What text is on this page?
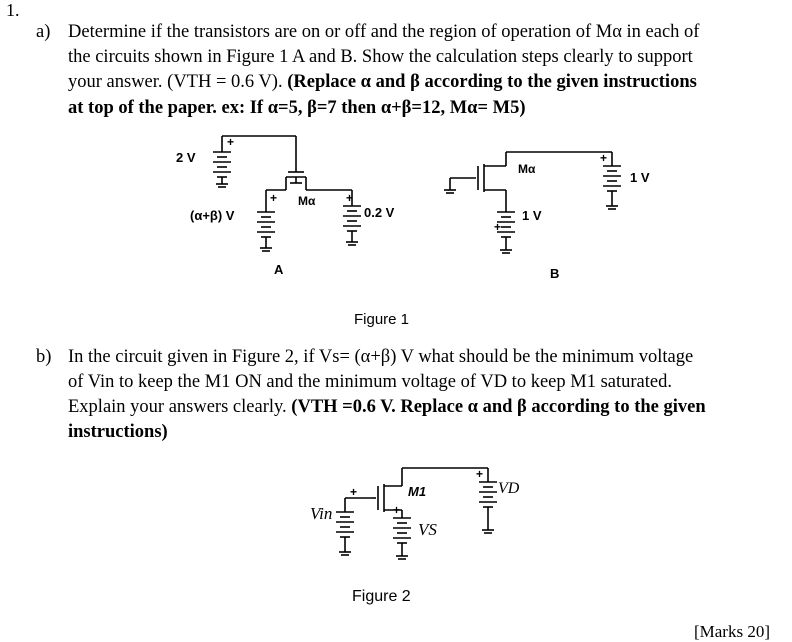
1.
a) Determine if the transistors are on or off and the region of operation of Mα in each of
the circuits shown in Figure 1 A and B. Show the calculation steps clearly to support
your answer. (VTH = 0.6 V). (Replace α and β according to the given instructions
at top of the paper. ex: If α=5, β=7 then α+β=12, Mα= M5)
+
+	+
+
+
2 V
(α+β) V
Mα
0.2 V
A
Mα
1 V
1 V
B
Figure 1
b) In the circuit given in Figure 2, if Vs= (α+β) V what should be the minimum voltage
of Vin to keep the M1 ON and the minimum voltage of VD to keep M1 saturated.
Explain your answers clearly. (VTH =0.6 V. Replace α and β according to the given
instructions)
+
+
+
Vin
VS
VD
M1
Figure 2
[Marks 20]
